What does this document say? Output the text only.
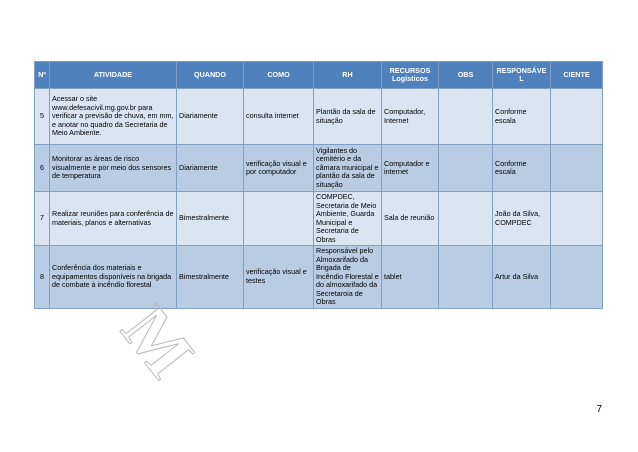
M
Nº	ATIVIDADE	QUANDO	COMO	RH	RECURSOS Logísticos	OBS	RESPONSÁVEL	CIENTE
5	Acessar o site www.defesacivil.mg.gov.br para verificar a previsão de chuva, em mm, e anotar no quadro da Secretaria de Meio Ambiente.	Diariamente	consulta internet	Plantão da sala de situação	Computador, Internet		Conforme escala	
6	Monitorar as áreas de risco visualmente e por meio dos sensores de temperatura	Diariamente	verificação visual e por computador	Vigilantes do cemitério e da câmara municipal e plantão da sala de situação	Computador e internet		Conforme escala	
7	Realizar reuniões para conferência de materiais, planos e alternativas	Bimestralmente		COMPDEC, Secretaria de Meio Ambiente, Guarda Municipal e Secretaria de Obras	Sala de reunião		João da Silva, COMPDEC	
8	Conferência dos materiais e equipamentos disponíveis na brigada de combate à incêndio florestal	Bimestralmente	verificação visual e testes	Responsável pelo Almoxarifado da Brigada de Incêndio Florestal e do almoxarifado da Secretaroia de Obras	tablet		Artur da Silva	
7
